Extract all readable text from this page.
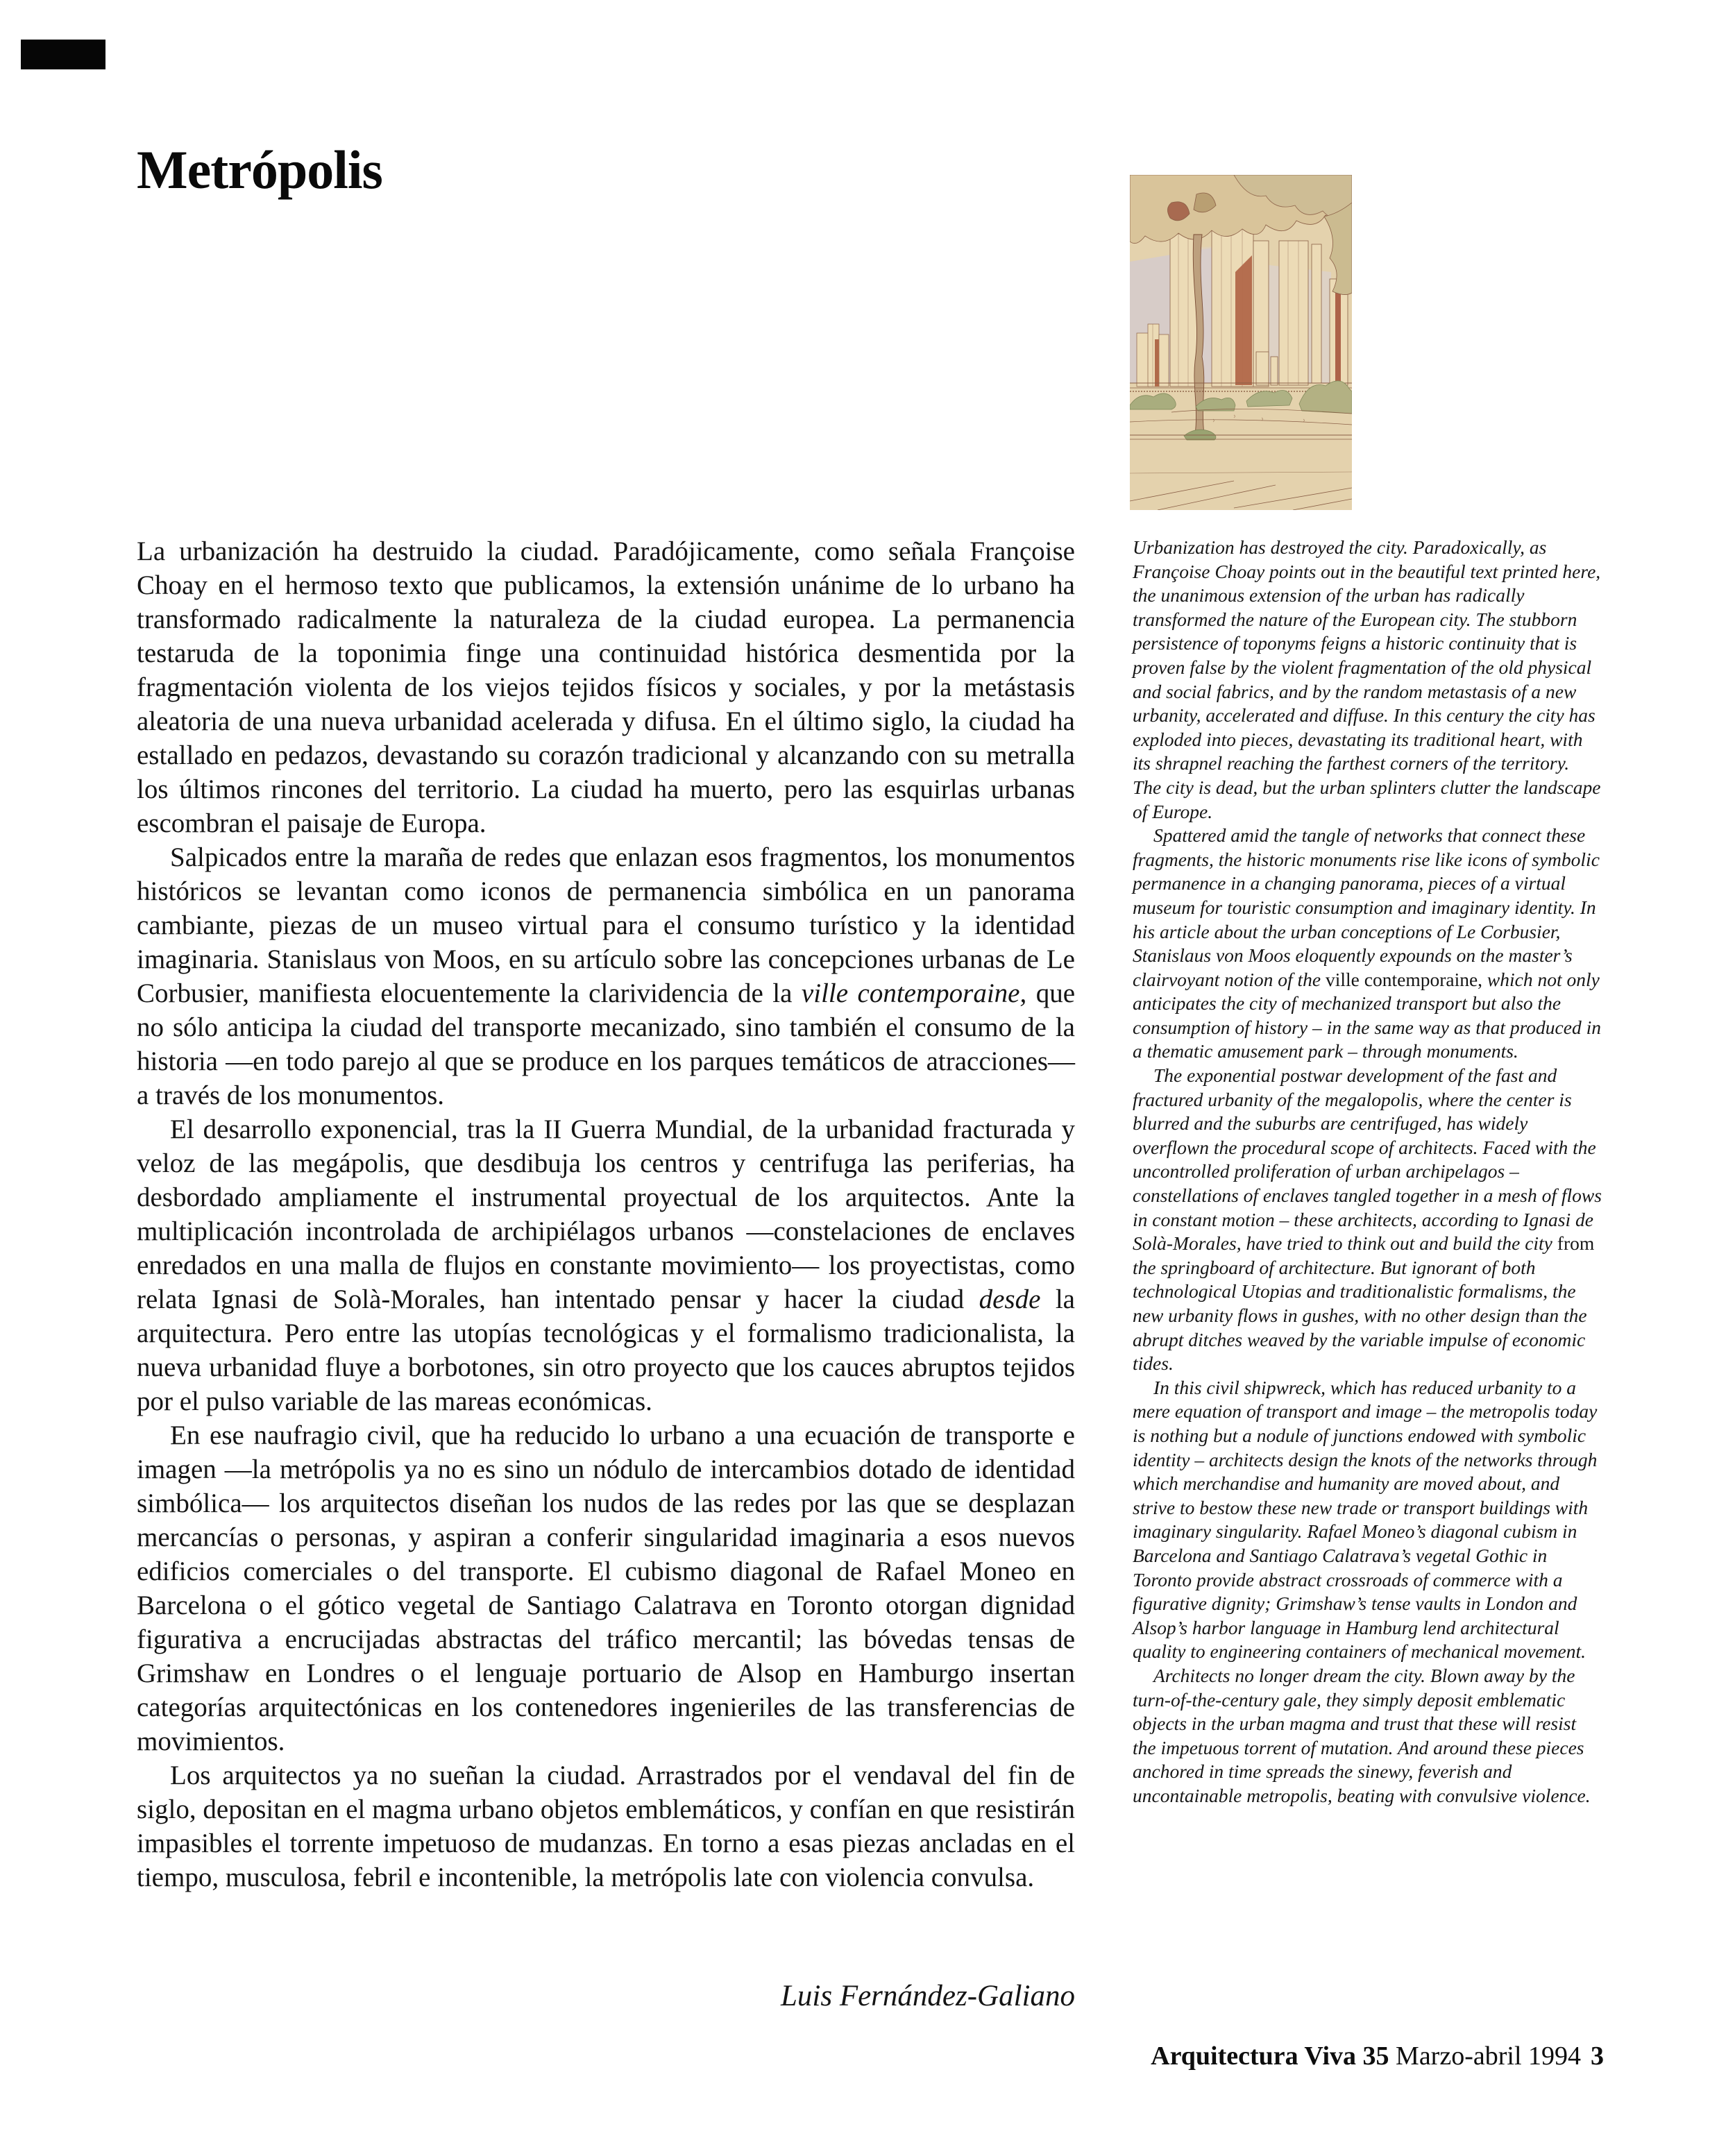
Metrópolis

La urbanización ha destruido la ciudad. Paradójicamente, como señala Françoise Choay en el hermoso texto que publicamos, la extensión unánime de lo urbano ha transformado radicalmente la naturaleza de la ciudad europea. La permanencia testaruda de la toponimia finge una continuidad histórica desmentida por la fragmentación violenta de los viejos tejidos físicos y sociales, y por la metástasis aleatoria de una nueva urbanidad acelerada y difusa. En el último siglo, la ciudad ha estallado en pedazos, devastando su corazón tradicional y alcanzando con su metralla los últimos rincones del territorio. La ciudad ha muerto, pero las esquirlas urbanas escombran el paisaje de Europa.

Salpicados entre la maraña de redes que enlazan esos fragmentos, los monumentos históricos se levantan como iconos de permanencia simbólica en un panorama cambiante, piezas de un museo virtual para el consumo turístico y la identidad imaginaria. Stanislaus von Moos, en su artículo sobre las concepciones urbanas de Le Corbusier, manifiesta elocuentemente la clarividencia de la ville contemporaine, que no sólo anticipa la ciudad del transporte mecanizado, sino también el consumo de la historia —en todo parejo al que se produce en los parques temáticos de atracciones— a través de los monumentos.

El desarrollo exponencial, tras la II Guerra Mundial, de la urbanidad fracturada y veloz de las megápolis, que desdibuja los centros y centrifuga las periferias, ha desbordado ampliamente el instrumental proyectual de los arquitectos. Ante la multiplicación incontrolada de archipiélagos urbanos —constelaciones de enclaves enredados en una malla de flujos en constante movimiento— los proyectistas, como relata Ignasi de Solà-Morales, han intentado pensar y hacer la ciudad desde la arquitectura. Pero entre las utopías tecnológicas y el formalismo tradicionalista, la nueva urbanidad fluye a borbotones, sin otro proyecto que los cauces abruptos tejidos por el pulso variable de las mareas económicas.

En ese naufragio civil, que ha reducido lo urbano a una ecuación de transporte e imagen —la metrópolis ya no es sino un nódulo de intercambios dotado de identidad simbólica— los arquitectos diseñan los nudos de las redes por las que se desplazan mercancías o personas, y aspiran a conferir singularidad imaginaria a esos nuevos edificios comerciales o del transporte. El cubismo diagonal de Rafael Moneo en Barcelona o el gótico vegetal de Santiago Calatrava en Toronto otorgan dignidad figurativa a encrucijadas abstractas del tráfico mercantil; las bóvedas tensas de Grimshaw en Londres o el lenguaje portuario de Alsop en Hamburgo insertan categorías arquitectónicas en los contenedores ingenieriles de las transferencias de movimientos.

Los arquitectos ya no sueñan la ciudad. Arrastrados por el vendaval del fin de siglo, depositan en el magma urbano objetos emblemáticos, y confían en que resistirán impasibles el torrente impetuoso de mudanzas. En torno a esas piezas ancladas en el tiempo, musculosa, febril e incontenible, la metrópolis late con violencia convulsa.

Luis Fernández-Galiano

Urbanization has destroyed the city. Paradoxically, as Françoise Choay points out in the beautiful text printed here, the unanimous extension of the urban has radically transformed the nature of the European city. The stubborn persistence of toponyms feigns a historic continuity that is proven false by the violent fragmentation of the old physical and social fabrics, and by the random metastasis of a new urbanity, accelerated and diffuse. In this century the city has exploded into pieces, devastating its traditional heart, with its shrapnel reaching the farthest corners of the territory. The city is dead, but the urban splinters clutter the landscape of Europe.

Spattered amid the tangle of networks that connect these fragments, the historic monuments rise like icons of symbolic permanence in a changing panorama, pieces of a virtual museum for touristic consumption and imaginary identity. In his article about the urban conceptions of Le Corbusier, Stanislaus von Moos eloquently expounds on the master’s clairvoyant notion of the ville contemporaine, which not only anticipates the city of mechanized transport but also the consumption of history – in the same way as that produced in a thematic amusement park – through monuments.

The exponential postwar development of the fast and fractured urbanity of the megalopolis, where the center is blurred and the suburbs are centrifuged, has widely overflown the procedural scope of architects. Faced with the uncontrolled proliferation of urban archipelagos – constellations of enclaves tangled together in a mesh of flows in constant motion – these architects, according to Ignasi de Solà-Morales, have tried to think out and build the city from the springboard of architecture. But ignorant of both technological Utopias and traditionalistic formalisms, the new urbanity flows in gushes, with no other design than the abrupt ditches weaved by the variable impulse of economic tides.

In this civil shipwreck, which has reduced urbanity to a mere equation of transport and image – the metropolis today is nothing but a nodule of junctions endowed with symbolic identity – architects design the knots of the networks through which merchandise and humanity are moved about, and strive to bestow these new trade or transport buildings with imaginary singularity. Rafael Moneo’s diagonal cubism in Barcelona and Santiago Calatrava’s vegetal Gothic in Toronto provide abstract crossroads of commerce with a figurative dignity; Grimshaw’s tense vaults in London and Alsop’s harbor language in Hamburg lend architectural quality to engineering containers of mechanical movement.

Architects no longer dream the city. Blown away by the turn-of-the-century gale, they simply deposit emblematic objects in the urban magma and trust that these will resist the impetuous torrent of mutation. And around these pieces anchored in time spreads the sinewy, feverish and uncontainable metropolis, beating with convulsive violence.

Arquitectura Viva 35 Marzo-abril 1994 3
